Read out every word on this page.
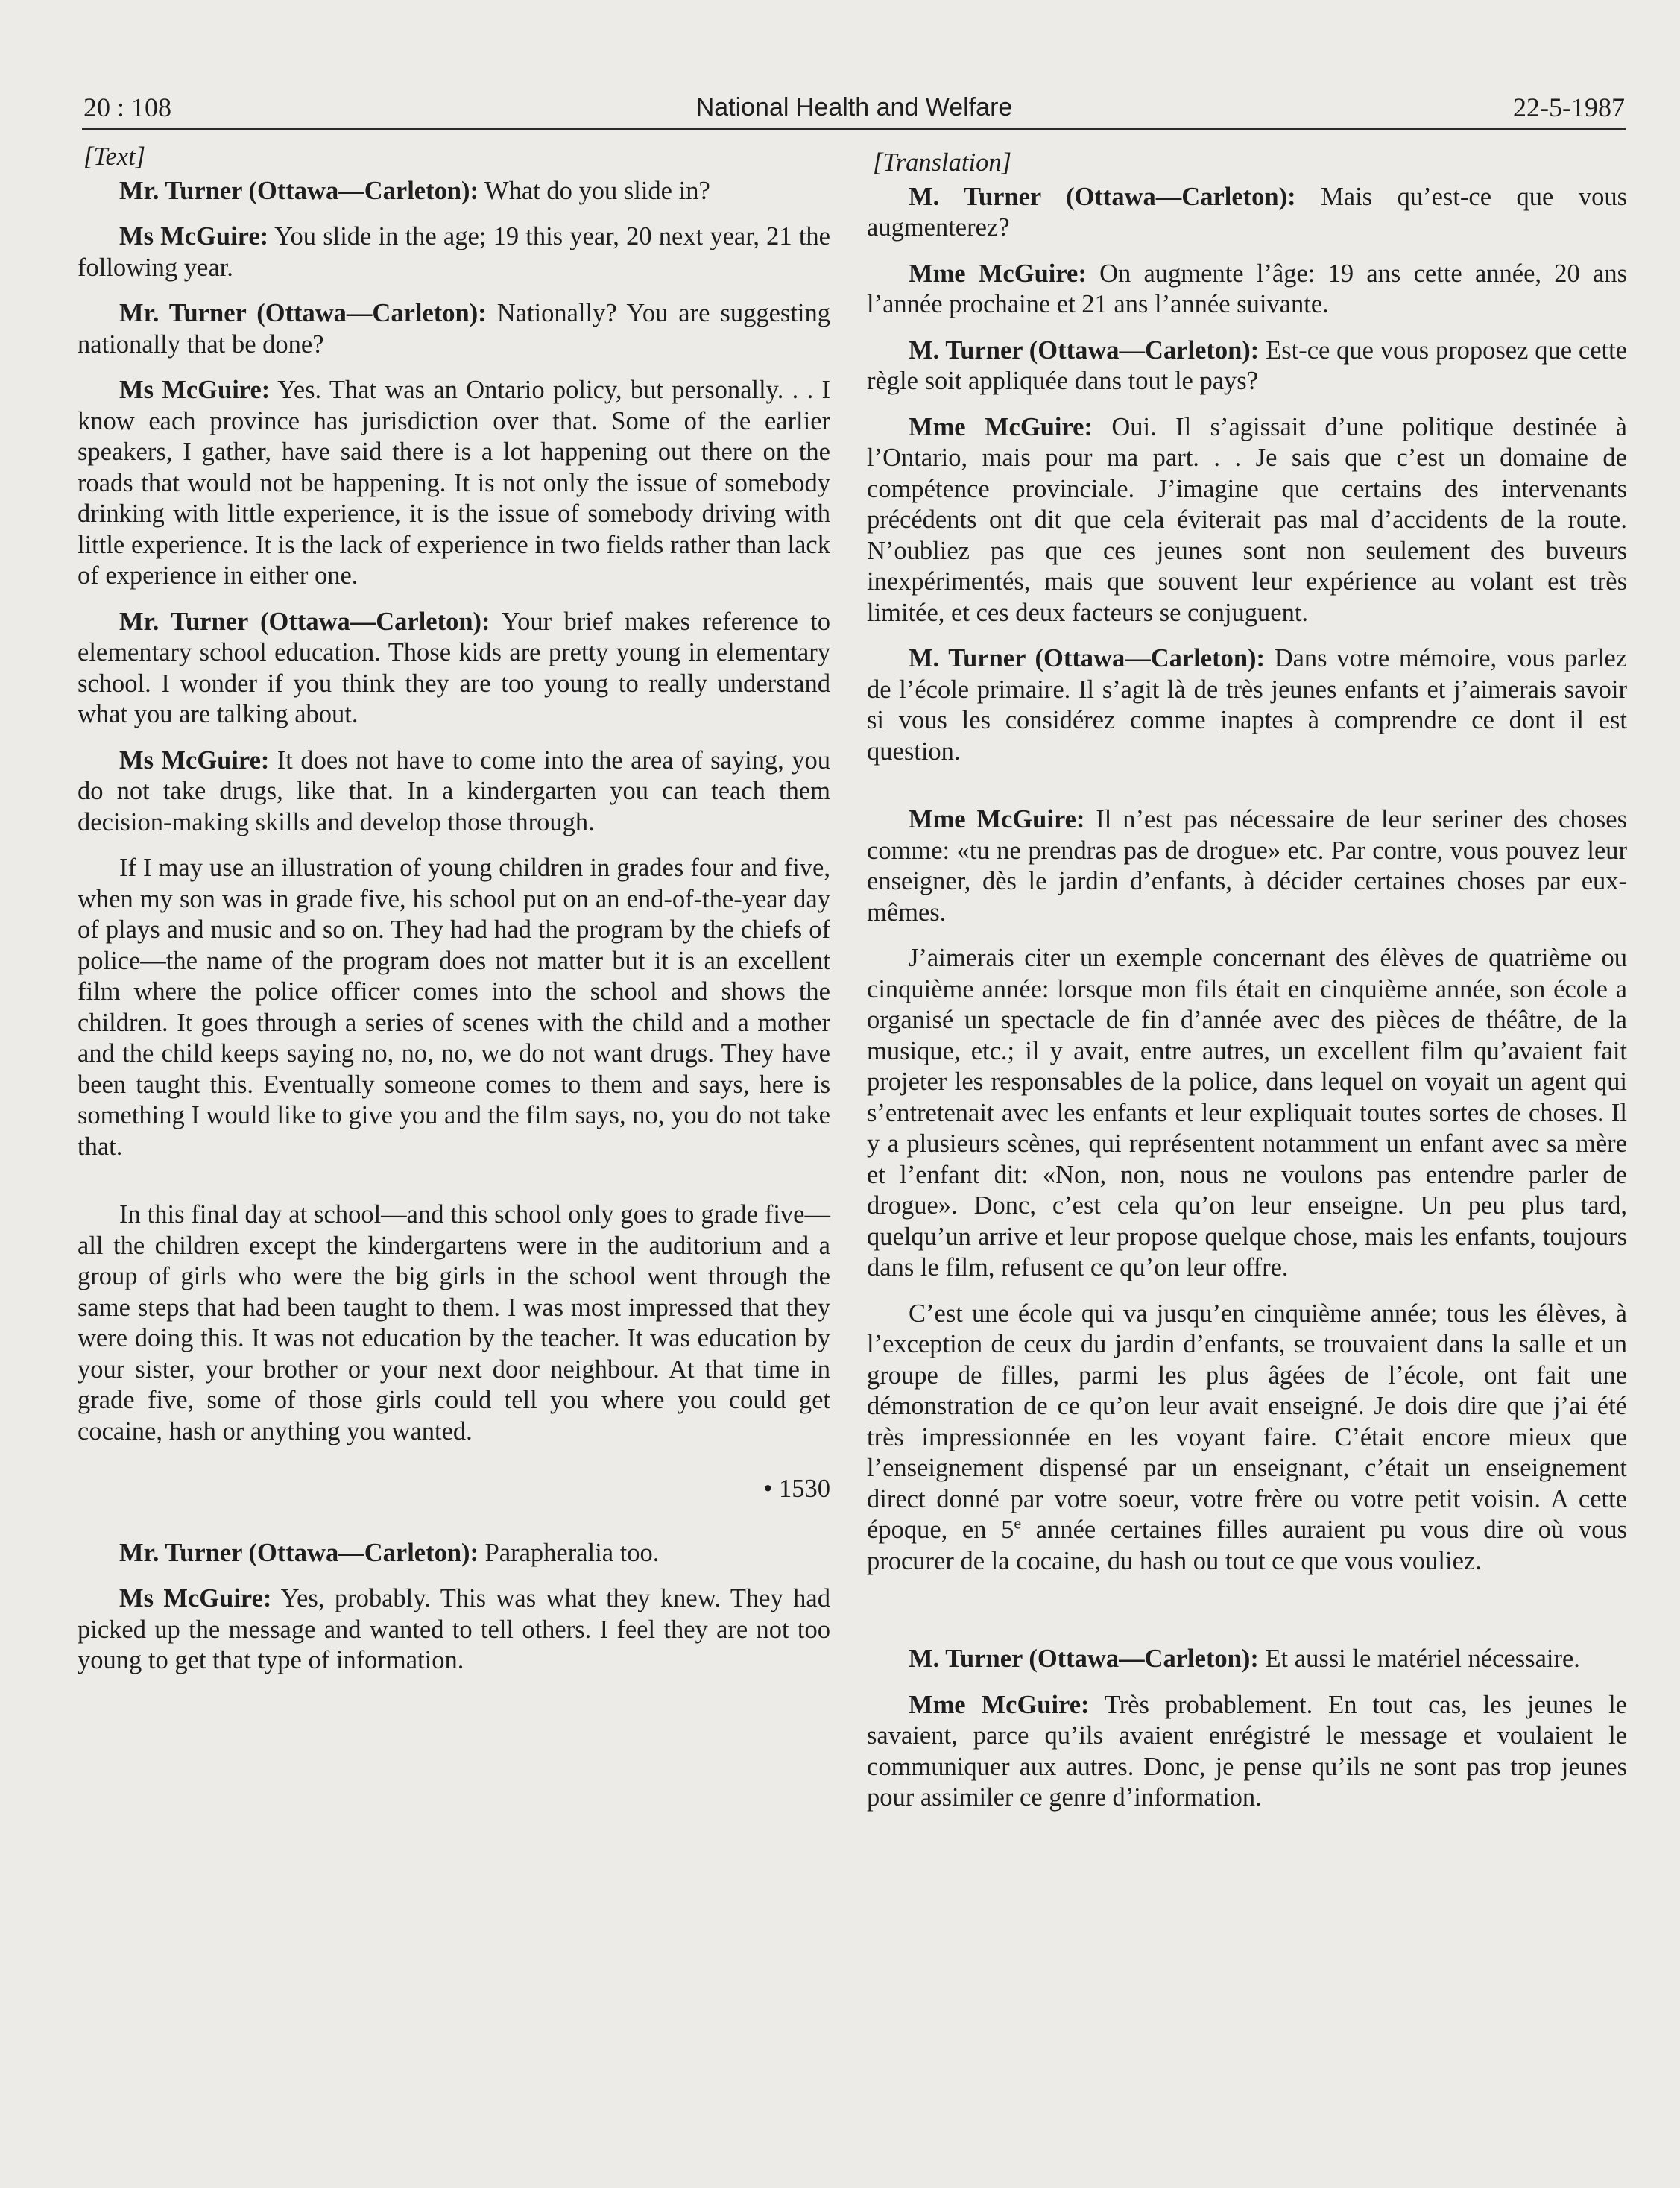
20 : 108	National Health and Welfare	22-5-1987

[Text]

Mr. Turner (Ottawa—Carleton): What do you slide in?

Ms McGuire: You slide in the age; 19 this year, 20 next year, 21 the following year.

Mr. Turner (Ottawa—Carleton): Nationally? You are suggesting nationally that be done?

Ms McGuire: Yes. That was an Ontario policy, but personally. . . I know each province has jurisdiction over that. Some of the earlier speakers, I gather, have said there is a lot happening out there on the roads that would not be happening. It is not only the issue of somebody drinking with little experience, it is the issue of somebody driving with little experience. It is the lack of experience in two fields rather than lack of experience in either one.

Mr. Turner (Ottawa—Carleton): Your brief makes reference to elementary school education. Those kids are pretty young in elementary school. I wonder if you think they are too young to really understand what you are talking about.

Ms McGuire: It does not have to come into the area of saying, you do not take drugs, like that. In a kindergarten you can teach them decision-making skills and develop those through.

If I may use an illustration of young children in grades four and five, when my son was in grade five, his school put on an end-of-the-year day of plays and music and so on. They had had the program by the chiefs of police—the name of the program does not matter but it is an excellent film where the police officer comes into the school and shows the children. It goes through a series of scenes with the child and a mother and the child keeps saying no, no, no, we do not want drugs. They have been taught this. Eventually someone comes to them and says, here is something I would like to give you and the film says, no, you do not take that.

In this final day at school—and this school only goes to grade five—all the children except the kindergartens were in the auditorium and a group of girls who were the big girls in the school went through the same steps that had been taught to them. I was most impressed that they were doing this. It was not education by the teacher. It was education by your sister, your brother or your next door neighbour. At that time in grade five, some of those girls could tell you where you could get cocaine, hash or anything you wanted.

• 1530

Mr. Turner (Ottawa—Carleton): Parapheralia too.

Ms McGuire: Yes, probably. This was what they knew. They had picked up the message and wanted to tell others. I feel they are not too young to get that type of information.

[Translation]

M. Turner (Ottawa—Carleton): Mais qu’est-ce que vous augmenterez?

Mme McGuire: On augmente l’âge: 19 ans cette année, 20 ans l’année prochaine et 21 ans l’année suivante.

M. Turner (Ottawa—Carleton): Est-ce que vous proposez que cette règle soit appliquée dans tout le pays?

Mme McGuire: Oui. Il s’agissait d’une politique destinée à l’Ontario, mais pour ma part. . . Je sais que c’est un domaine de compétence provinciale. J’imagine que certains des intervenants précédents ont dit que cela éviterait pas mal d’accidents de la route. N’oubliez pas que ces jeunes sont non seulement des buveurs inexpérimentés, mais que souvent leur expérience au volant est très limitée, et ces deux facteurs se conjuguent.

M. Turner (Ottawa—Carleton): Dans votre mémoire, vous parlez de l’école primaire. Il s’agit là de très jeunes enfants et j’aimerais savoir si vous les considérez comme inaptes à comprendre ce dont il est question.

Mme McGuire: Il n’est pas nécessaire de leur seriner des choses comme: «tu ne prendras pas de drogue» etc. Par contre, vous pouvez leur enseigner, dès le jardin d’enfants, à décider certaines choses par eux-mêmes.

J’aimerais citer un exemple concernant des élèves de quatrième ou cinquième année: lorsque mon fils était en cinquième année, son école a organisé un spectacle de fin d’année avec des pièces de théâtre, de la musique, etc.; il y avait, entre autres, un excellent film qu’avaient fait projeter les responsables de la police, dans lequel on voyait un agent qui s’entretenait avec les enfants et leur expliquait toutes sortes de choses. Il y a plusieurs scènes, qui représentent notamment un enfant avec sa mère et l’enfant dit: «Non, non, nous ne voulons pas entendre parler de drogue». Donc, c’est cela qu’on leur enseigne. Un peu plus tard, quelqu’un arrive et leur propose quelque chose, mais les enfants, toujours dans le film, refusent ce qu’on leur offre.

C’est une école qui va jusqu’en cinquième année; tous les élèves, à l’exception de ceux du jardin d’enfants, se trouvaient dans la salle et un groupe de filles, parmi les plus âgées de l’école, ont fait une démonstration de ce qu’on leur avait enseigné. Je dois dire que j’ai été très impressionnée en les voyant faire. C’était encore mieux que l’enseignement dispensé par un enseignant, c’était un enseignement direct donné par votre soeur, votre frère ou votre petit voisin. A cette époque, en 5e année certaines filles auraient pu vous dire où vous procurer de la cocaine, du hash ou tout ce que vous vouliez.

M. Turner (Ottawa—Carleton): Et aussi le matériel nécessaire.

Mme McGuire: Très probablement. En tout cas, les jeunes le savaient, parce qu’ils avaient enrégistré le message et voulaient le communiquer aux autres. Donc, je pense qu’ils ne sont pas trop jeunes pour assimiler ce genre d’information.
